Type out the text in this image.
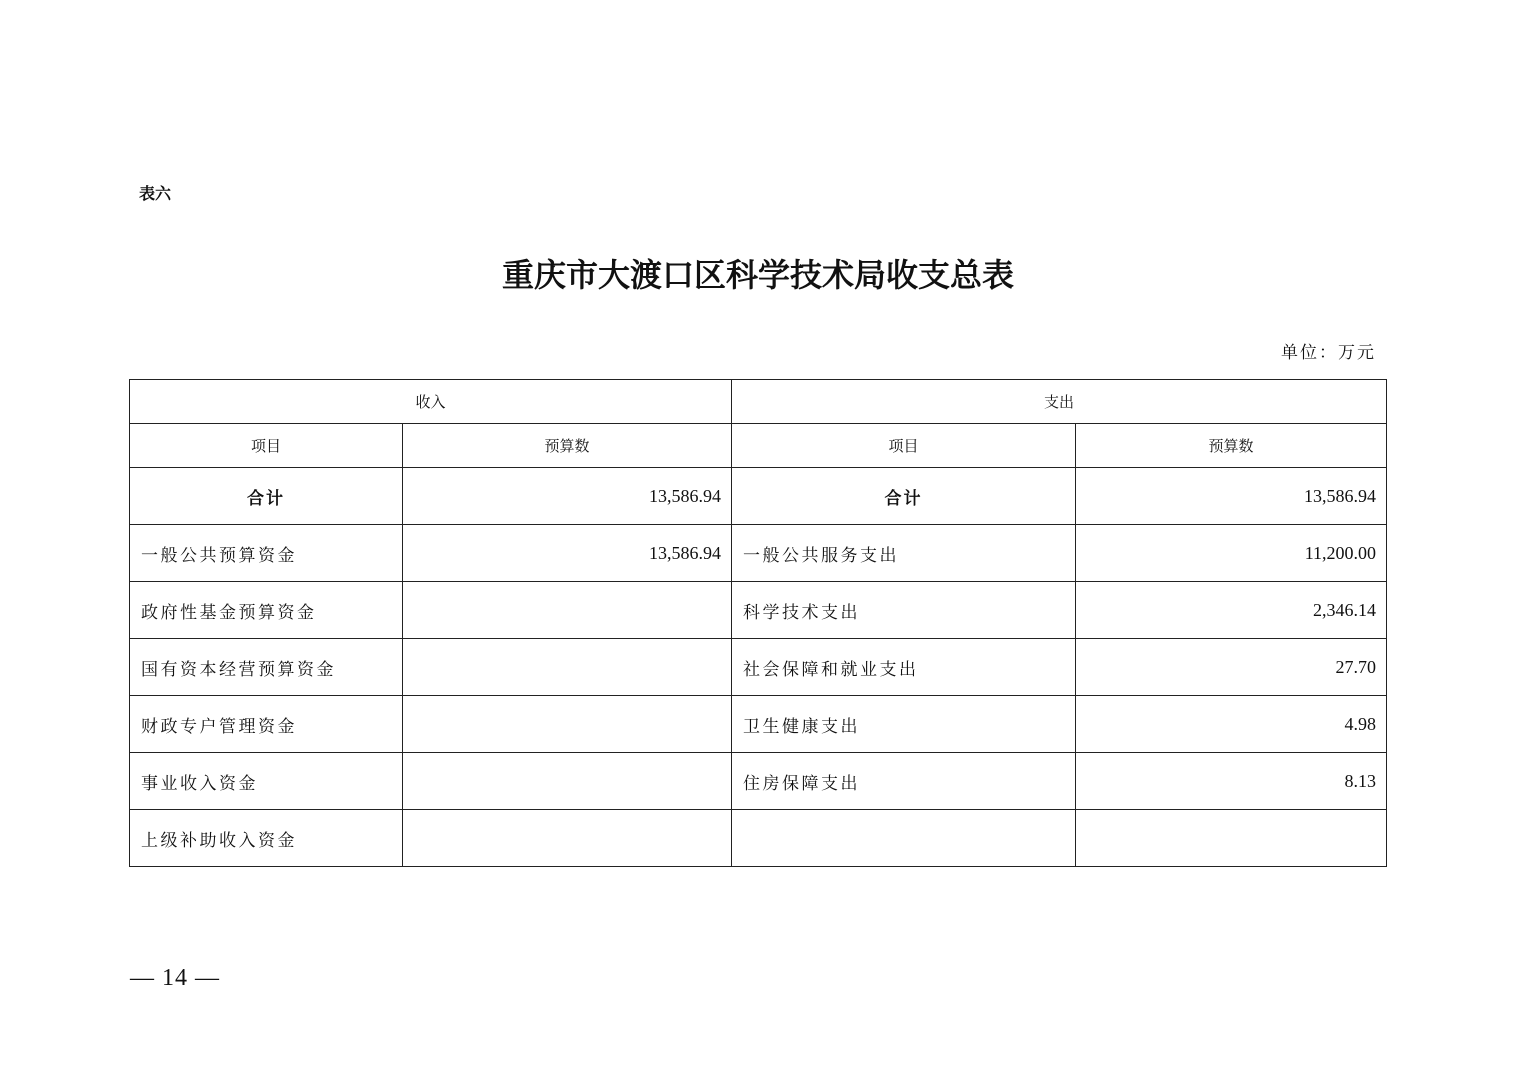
表六
重庆市大渡口区科学技术局收支总表
单位：万元
收入		支出	
项目	预算数	项目	预算数
合计	13,586.94	合计	13,586.94
一般公共预算资金	13,586.94	一般公共服务支出	11,200.00
政府性基金预算资金		科学技术支出	2,346.14
国有资本经营预算资金		社会保障和就业支出	27.70
财政专户管理资金		卫生健康支出	4.98
事业收入资金		住房保障支出	8.13
上级补助收入资金			
— 14 —
